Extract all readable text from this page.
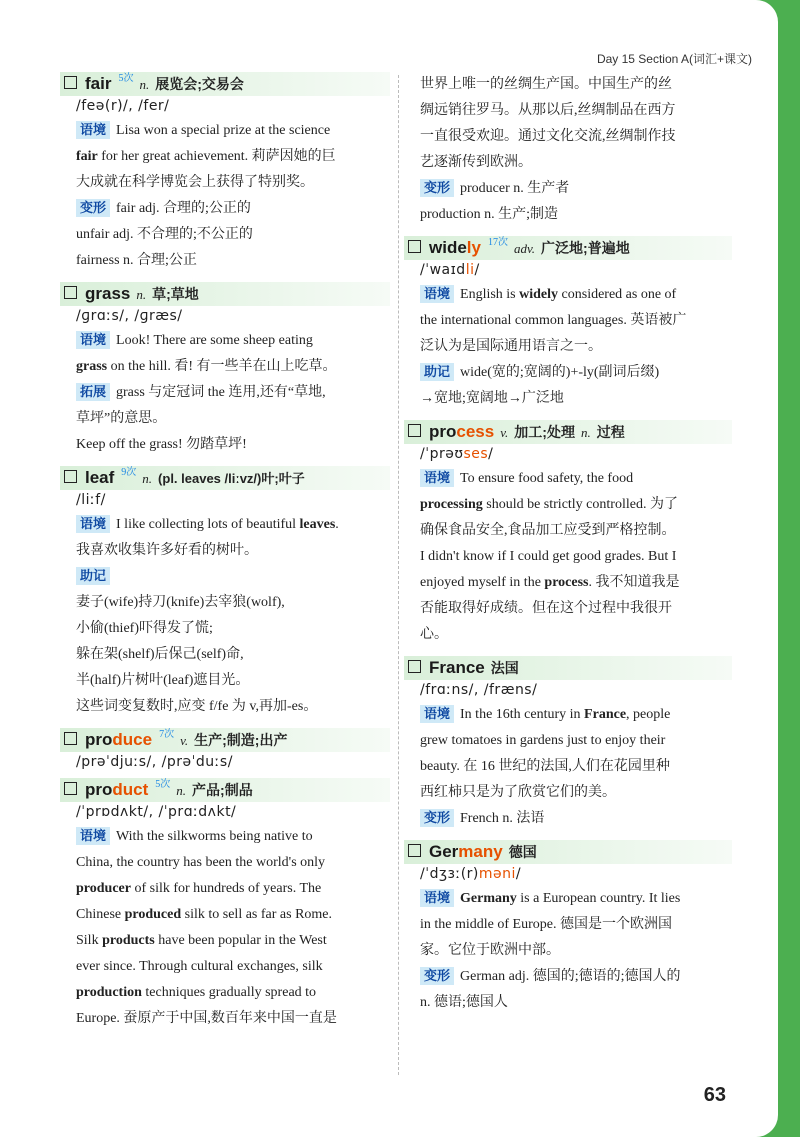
Day 15 Section A(词汇+课文)
fair 5次 n. 展览会;交易会
/feə(r)/, /fer/
语境 Lisa won a special prize at the science
fair for her great achievement. 莉萨因她的巨
大成就在科学博览会上获得了特别奖。
变形 fair adj. 合理的;公正的
unfair adj. 不合理的;不公正的
fairness n. 合理;公正
grass n. 草;草地
/ɡrɑːs/, /ɡræs/
语境 Look! There are some sheep eating
grass on the hill. 看! 有一些羊在山上吃草。
拓展 grass 与定冠词 the 连用,还有“草地,
草坪”的意思。
Keep off the grass! 勿踏草坪!
leaf 9次 n. (pl. leaves /liːvz/)叶;叶子
/liːf/
语境 I like collecting lots of beautiful leaves.
我喜欢收集许多好看的树叶。
助记
妻子(wife)持刀(knife)去宰狼(wolf),
小偷(thief)吓得发了慌;
躲在架(shelf)后保己(self)命,
半(half)片树叶(leaf)遮目光。
这些词变复数时,应变 f/fe 为 v,再加-es。
produce 7次 v. 生产;制造;出产
/prəˈdjuːs/, /prəˈduːs/
product 5次 n. 产品;制品
/ˈprɒdʌkt/, /ˈprɑːdʌkt/
语境 With the silkworms being native to
China, the country has been the world's only
producer of silk for hundreds of years. The
Chinese produced silk to sell as far as Rome.
Silk products have been popular in the West
ever since. Through cultural exchanges, silk
production techniques gradually spread to
Europe. 蚕原产于中国,数百年来中国一直是
世界上唯一的丝绸生产国。中国生产的丝
绸远销往罗马。从那以后,丝绸制品在西方
一直很受欢迎。通过文化交流,丝绸制作技
艺逐渐传到欧洲。
变形 producer n. 生产者
production n. 生产;制造
widely 17次 adv. 广泛地;普遍地
/ˈwaɪdli/
语境 English is widely considered as one of
the international common languages. 英语被广
泛认为是国际通用语言之一。
助记 wide(宽的;宽阔的)+-ly(副词后缀)
→宽地;宽阔地→广泛地
process v. 加工;处理 n. 过程
/ˈprəʊses/
语境 To ensure food safety, the food
processing should be strictly controlled. 为了
确保食品安全,食品加工应受到严格控制。
I didn't know if I could get good grades. But I
enjoyed myself in the process. 我不知道我是
否能取得好成绩。但在这个过程中我很开
心。
France 法国
/frɑːns/, /fræns/
语境 In the 16th century in France, people
grew tomatoes in gardens just to enjoy their
beauty. 在 16 世纪的法国,人们在花园里种
西红柿只是为了欣赏它们的美。
变形 French n. 法语
Germany 德国
/ˈdʒɜː(r)məni/
语境 Germany is a European country. It lies
in the middle of Europe. 德国是一个欧洲国
家。它位于欧洲中部。
变形 German adj. 德国的;德语的;德国人的
n. 德语;德国人
63
